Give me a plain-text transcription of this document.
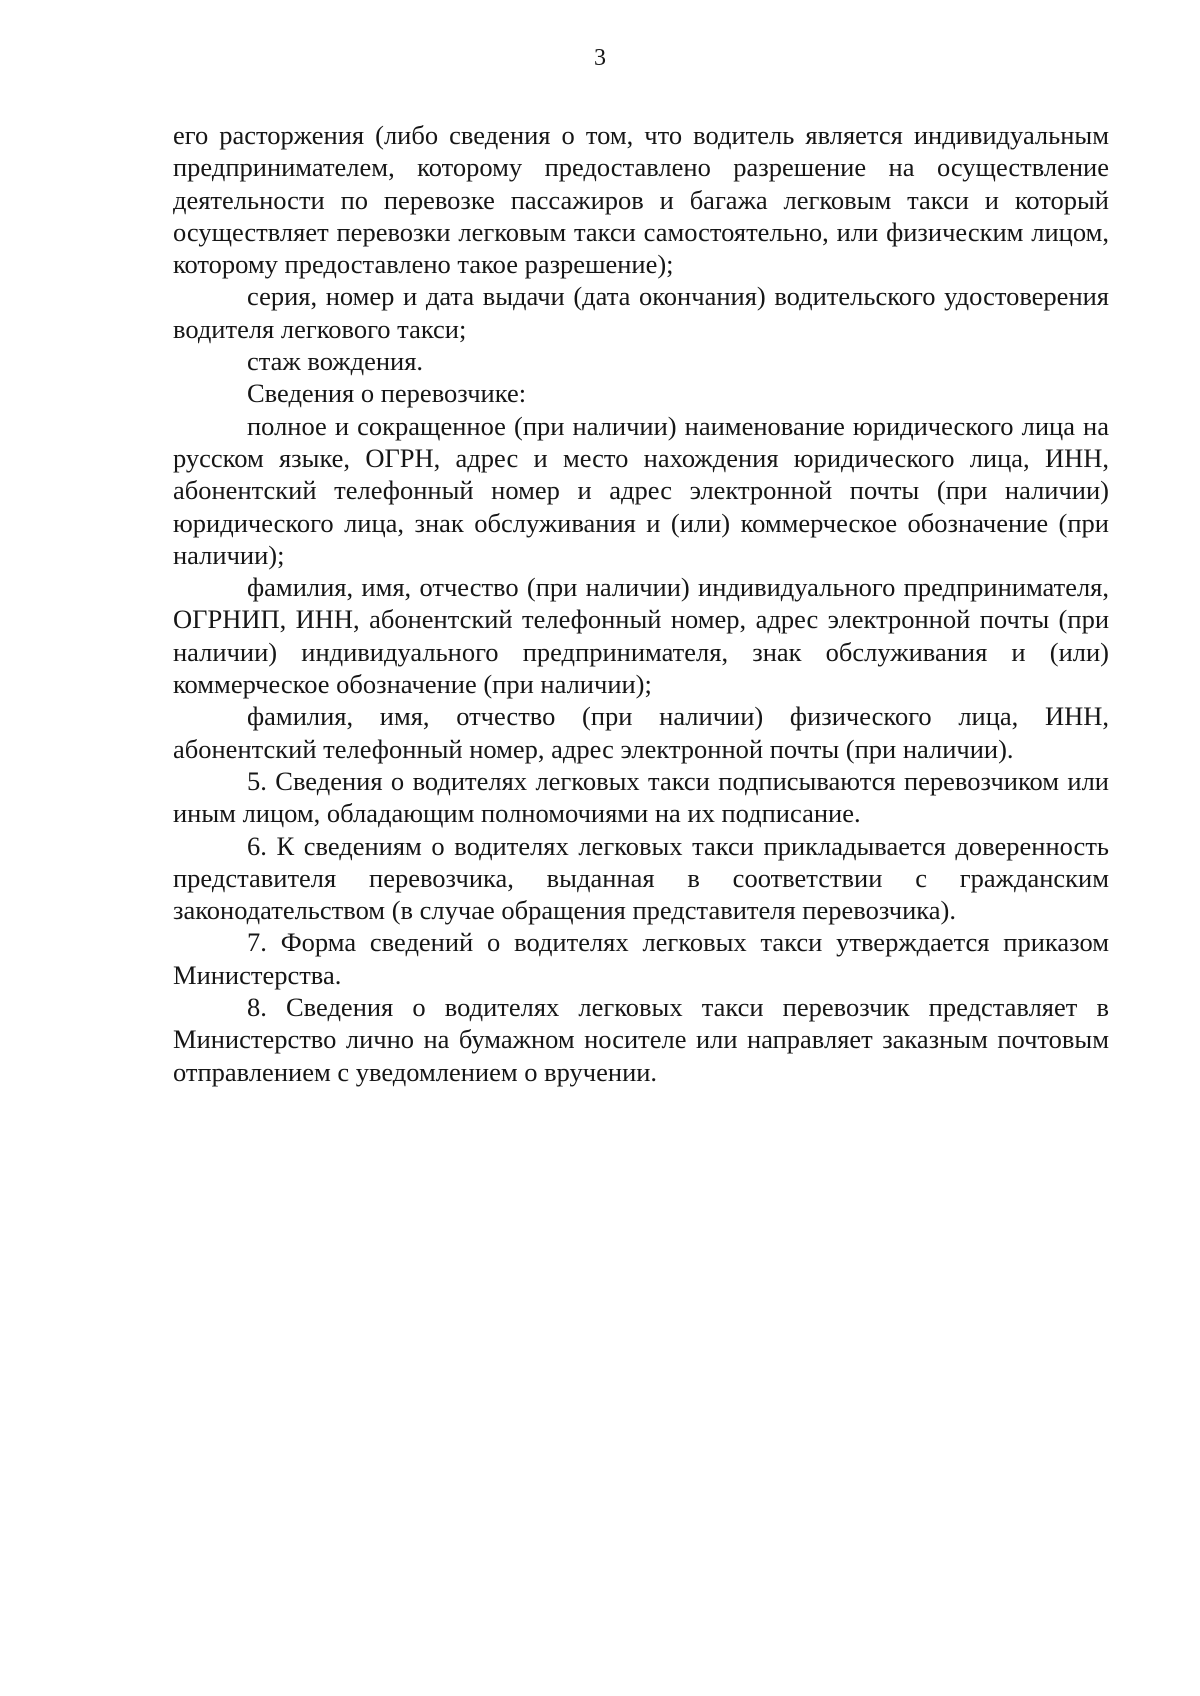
3

его расторжения (либо сведения о том, что водитель является индивидуальным предпринимателем, которому предоставлено разрешение на осуществление деятельности по перевозке пассажиров и багажа легковым такси и который осуществляет перевозки легковым такси самостоятельно, или физическим лицом, которому предоставлено такое разрешение);

серия, номер и дата выдачи (дата окончания) водительского удостоверения водителя легкового такси;

стаж вождения.

Сведения о перевозчике:

полное и сокращенное (при наличии) наименование юридического лица на русском языке, ОГРН, адрес и место нахождения юридического лица, ИНН, абонентский телефонный номер и адрес электронной почты (при наличии) юридического лица, знак обслуживания и (или) коммерческое обозначение (при наличии);

фамилия, имя, отчество (при наличии) индивидуального предпринимателя, ОГРНИП, ИНН, абонентский телефонный номер, адрес электронной почты (при наличии) индивидуального предпринимателя, знак обслуживания и (или) коммерческое обозначение (при наличии);

фамилия, имя, отчество (при наличии) физического лица, ИНН, абонентский телефонный номер, адрес электронной почты (при наличии).

5. Сведения о водителях легковых такси подписываются перевозчиком или иным лицом, обладающим полномочиями на их подписание.

6. К сведениям о водителях легковых такси прикладывается доверенность представителя перевозчика, выданная в соответствии с гражданским законодательством (в случае обращения представителя перевозчика).

7. Форма сведений о водителях легковых такси утверждается приказом Министерства.

8. Сведения о водителях легковых такси перевозчик представляет в Министерство лично на бумажном носителе или направляет заказным почтовым отправлением с уведомлением о вручении.
